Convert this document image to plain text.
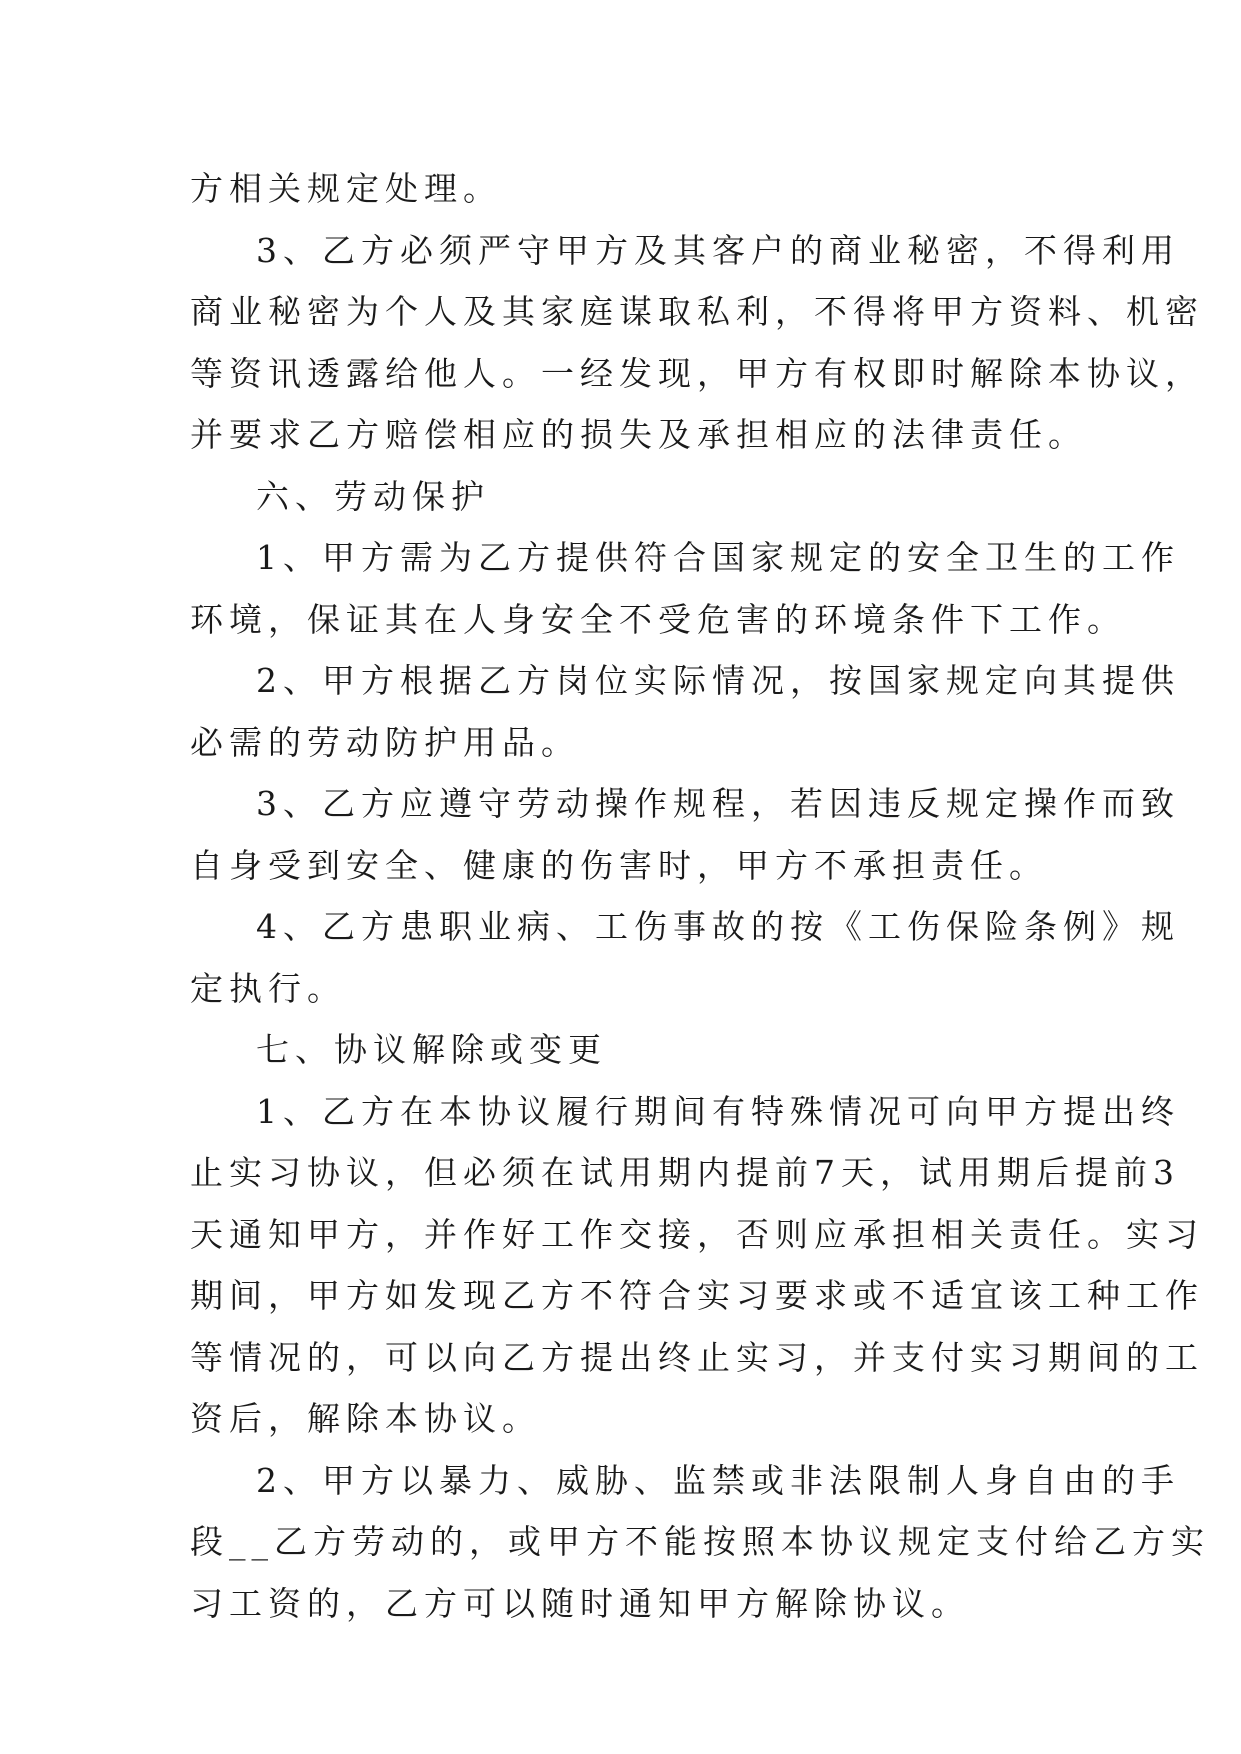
方相关规定处理。
3、乙方必须严守甲方及其客户的商业秘密，不得利用
商业秘密为个人及其家庭谋取私利，不得将甲方资料、机密
等资讯透露给他人。一经发现，甲方有权即时解除本协议，
并要求乙方赔偿相应的损失及承担相应的法律责任。
六、劳动保护
1、甲方需为乙方提供符合国家规定的安全卫生的工作
环境，保证其在人身安全不受危害的环境条件下工作。
2、甲方根据乙方岗位实际情况，按国家规定向其提供
必需的劳动防护用品。
3、乙方应遵守劳动操作规程，若因违反规定操作而致
自身受到安全、健康的伤害时，甲方不承担责任。
4、乙方患职业病、工伤事故的按《工伤保险条例》规
定执行。
七、协议解除或变更
1、乙方在本协议履行期间有特殊情况可向甲方提出终
止实习协议，但必须在试用期内提前7天，试用期后提前3
天通知甲方，并作好工作交接，否则应承担相关责任。实习
期间，甲方如发现乙方不符合实习要求或不适宜该工种工作
等情况的，可以向乙方提出终止实习，并支付实习期间的工
资后，解除本协议。
2、甲方以暴力、威胁、监禁或非法限制人身自由的手
段__乙方劳动的，或甲方不能按照本协议规定支付给乙方实
习工资的，乙方可以随时通知甲方解除协议。
